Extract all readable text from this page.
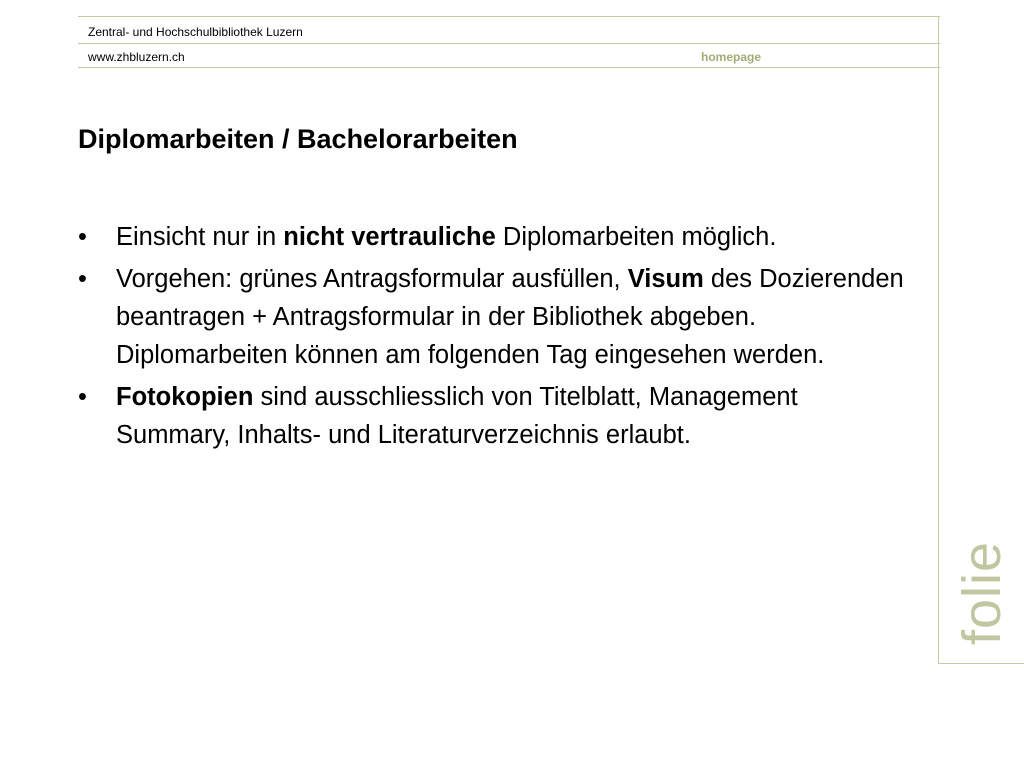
Zentral- und Hochschulbibliothek Luzern
www.zhbluzern.ch	homepage
Diplomarbeiten / Bachelorarbeiten
• Einsicht nur in nicht vertrauliche Diplomarbeiten möglich.
• Vorgehen: grünes Antragsformular ausfüllen, Visum des Dozierenden beantragen + Antragsformular in der Bibliothek abgeben. Diplomarbeiten können am folgenden Tag eingesehen werden.
• Fotokopien sind ausschliesslich von Titelblatt, Management Summary, Inhalts- und Literaturverzeichnis erlaubt.
folie
